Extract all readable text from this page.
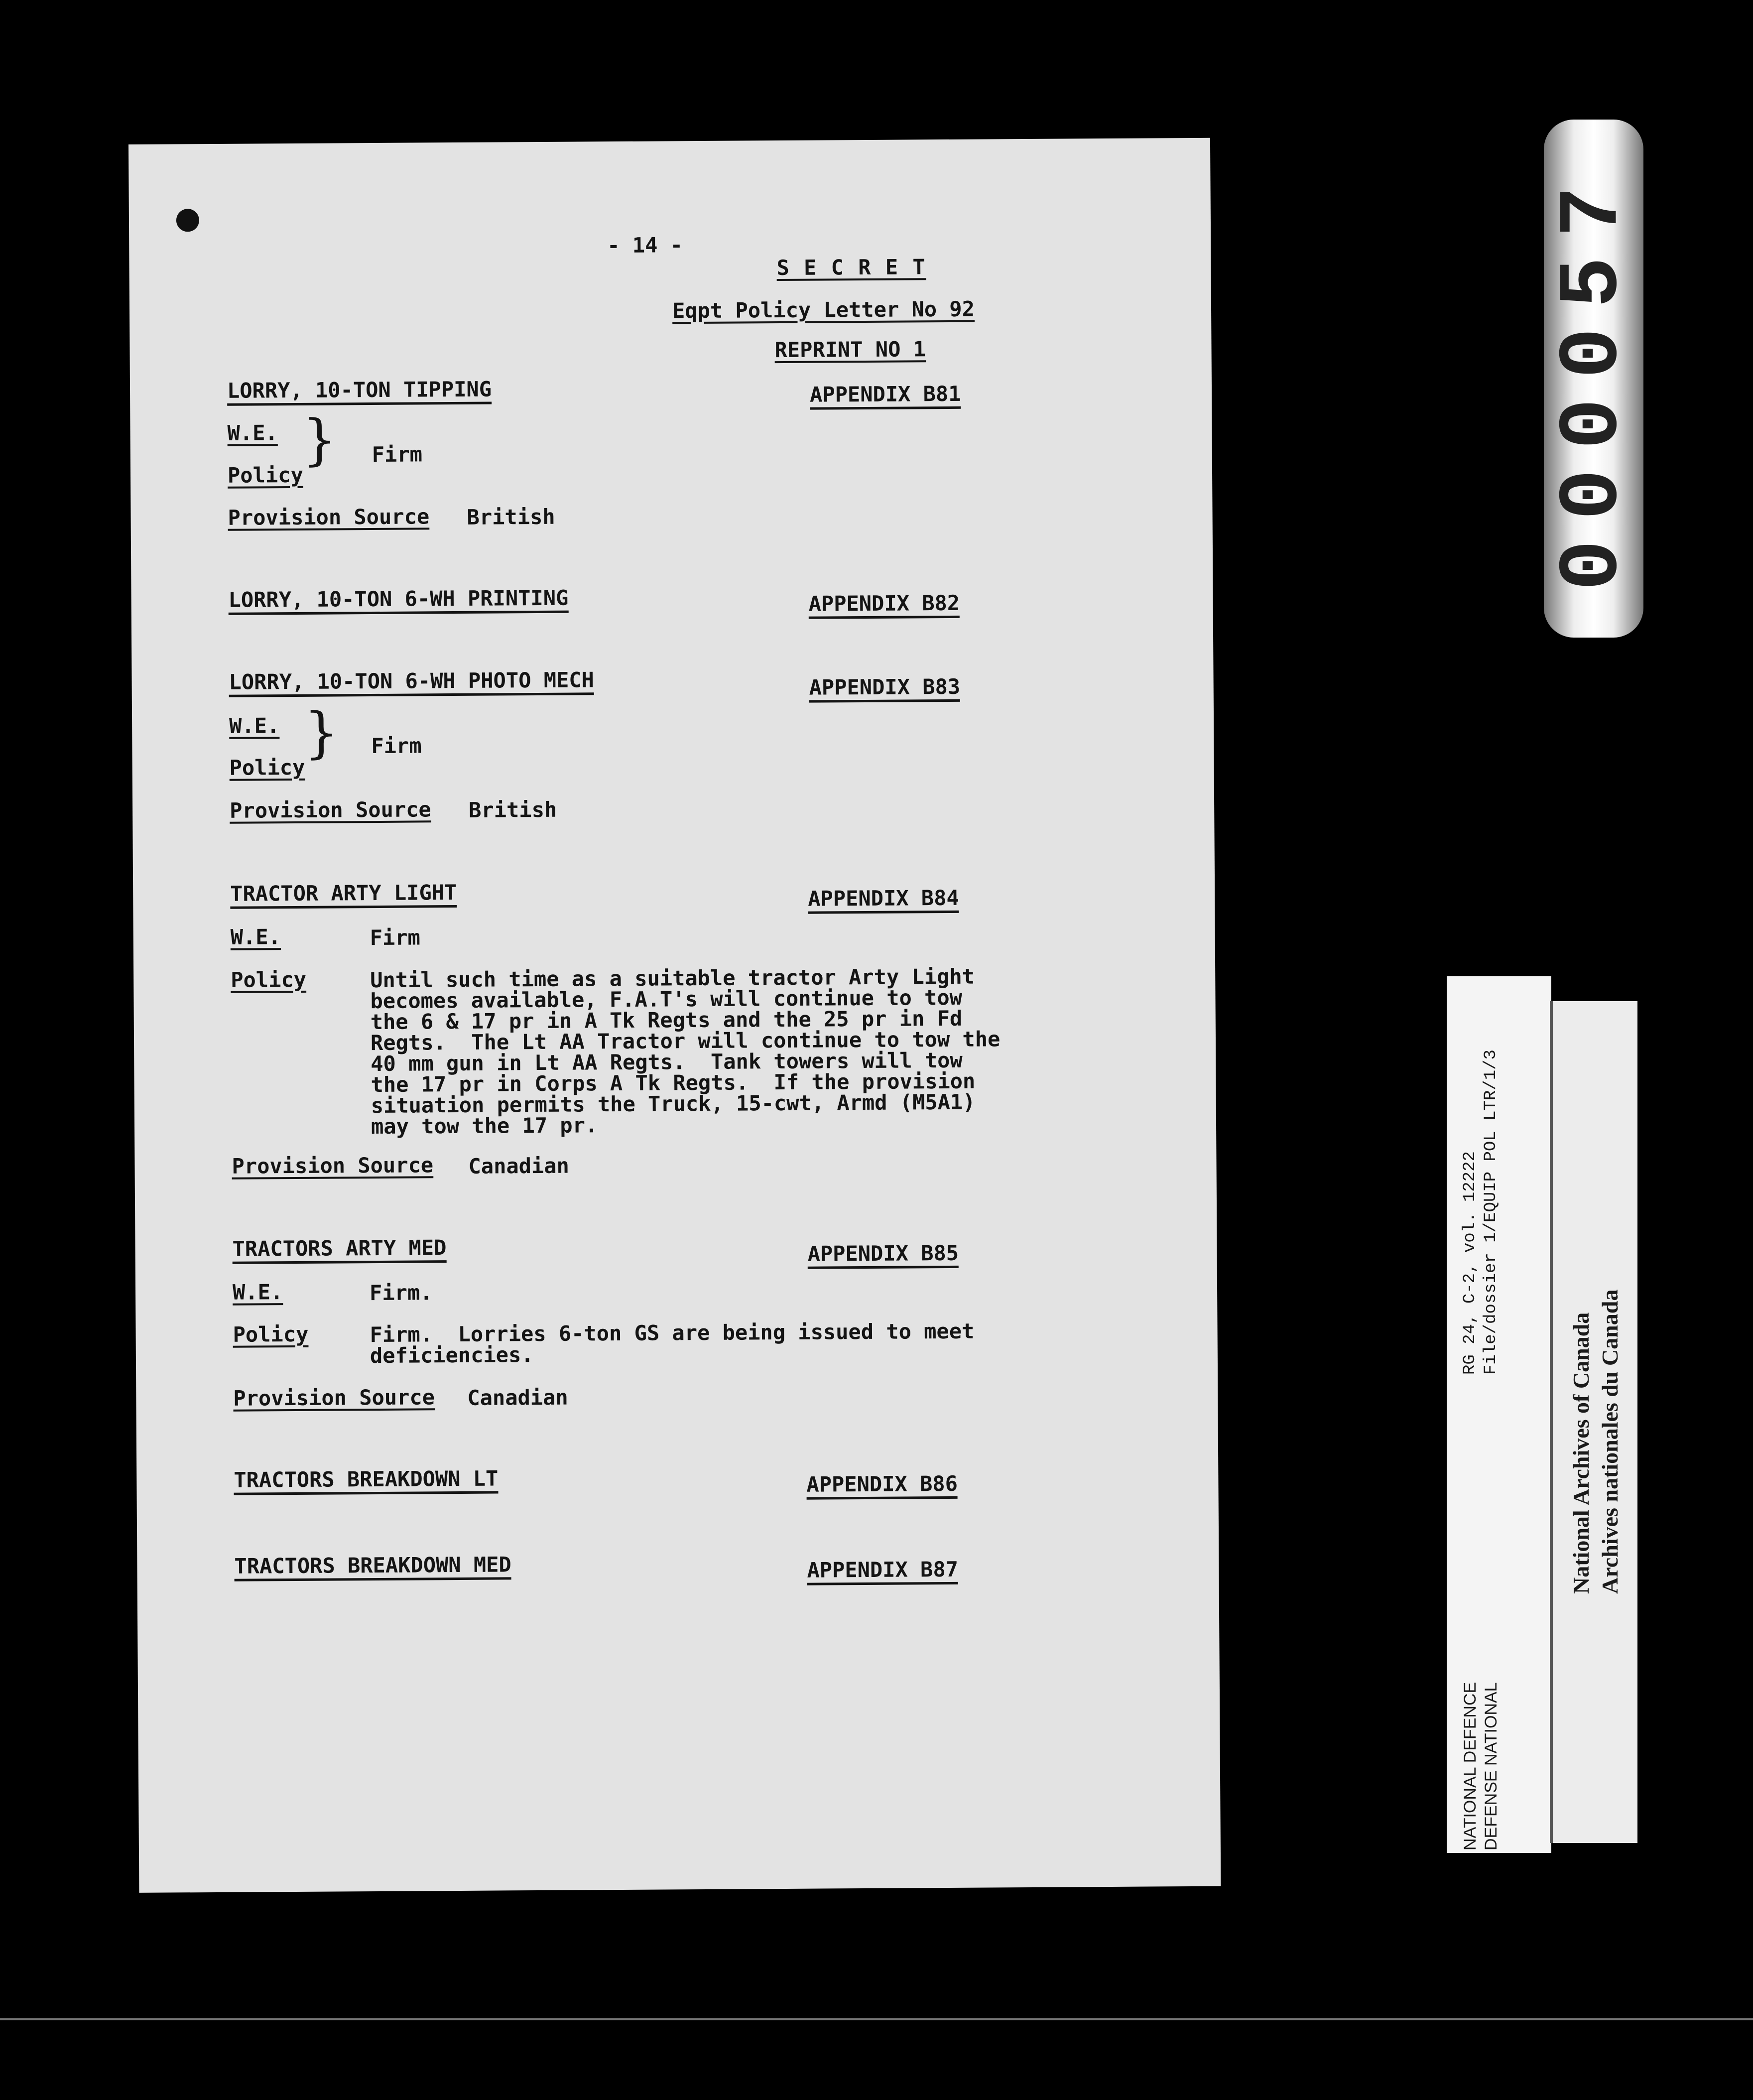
- 14 -
S E C R E T
Eqpt Policy Letter No 92
REPRINT NO 1
LORRY, 10-TON TIPPING	APPENDIX B81
W.E.
Policy
} Firm
Provision Source British
LORRY, 10-TON 6-WH PRINTING	APPENDIX B82
LORRY, 10-TON 6-WH PHOTO MECH	APPENDIX B83
W.E.
Policy
} Firm
Provision Source British
TRACTOR ARTY LIGHT	APPENDIX B84
W.E.	Firm
Policy	Until such time as a suitable tractor Arty Light
becomes available, F.A.T's will continue to tow
the 6 & 17 pr in A Tk Regts and the 25 pr in Fd
Regts.  The Lt AA Tractor will continue to tow the
40 mm gun in Lt AA Regts.  Tank towers will tow
the 17 pr in Corps A Tk Regts.  If the provision
situation permits the Truck, 15-cwt, Armd (M5A1)
may tow the 17 pr.
Provision Source Canadian
TRACTORS ARTY MED	APPENDIX B85
W.E.	Firm.
Policy	Firm.  Lorries 6-ton GS are being issued to meet
deficiencies.
Provision Source Canadian
TRACTORS BREAKDOWN LT	APPENDIX B86
TRACTORS BREAKDOWN MED	APPENDIX B87
000057
RG 24, C-2, vol. 12222 File/dossier 1/EQUIP POL LTR/1/3
NATIONAL DEFENCE DEFENSE NATIONAL
National Archives of Canada Archives nationales du Canada
